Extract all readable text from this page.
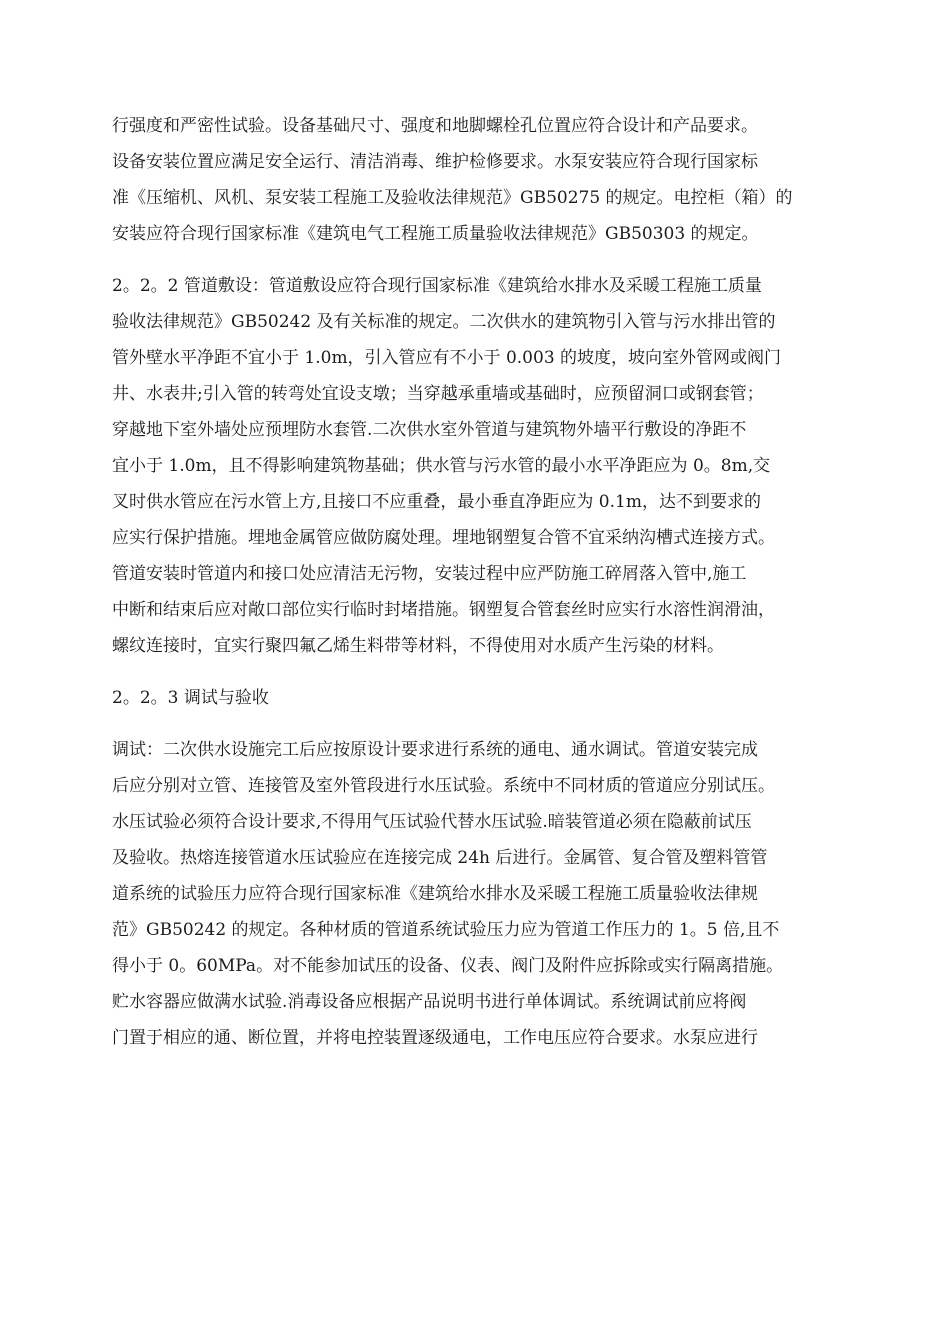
行强度和严密性试验。设备基础尺寸、强度和地脚螺栓孔位置应符合设计和产品要求。

设备安装位置应满足安全运行、清洁消毒、维护检修要求。水泵安装应符合现行国家标

准《压缩机、风机、泵安装工程施工及验收法律规范》GB50275 的规定。电控柜（箱）的

安装应符合现行国家标准《建筑电气工程施工质量验收法律规范》GB50303 的规定。

2。2。2 管道敷设：管道敷设应符合现行国家标准《建筑给水排水及采暖工程施工质量

验收法律规范》GB50242 及有关标准的规定。二次供水的建筑物引入管与污水排出管的

管外壁水平净距不宜小于 1.0m，引入管应有不小于 0.003 的坡度，坡向室外管网或阀门

井、水表井;引入管的转弯处宜设支墩；当穿越承重墙或基础时，应预留洞口或钢套管；

穿越地下室外墙处应预埋防水套管.二次供水室外管道与建筑物外墙平行敷设的净距不

宜小于 1.0m，且不得影响建筑物基础；供水管与污水管的最小水平净距应为 0。8m,交

叉时供水管应在污水管上方,且接口不应重叠，最小垂直净距应为 0.1m，达不到要求的

应实行保护措施。埋地金属管应做防腐处理。埋地钢塑复合管不宜采纳沟槽式连接方式。

管道安装时管道内和接口处应清洁无污物，安装过程中应严防施工碎屑落入管中,施工

中断和结束后应对敞口部位实行临时封堵措施。钢塑复合管套丝时应实行水溶性润滑油，

螺纹连接时，宜实行聚四氟乙烯生料带等材料，不得使用对水质产生污染的材料。

2。2。3 调试与验收

调试：二次供水设施完工后应按原设计要求进行系统的通电、通水调试。管道安装完成

后应分别对立管、连接管及室外管段进行水压试验。系统中不同材质的管道应分别试压。

水压试验必须符合设计要求,不得用气压试验代替水压试验.暗装管道必须在隐蔽前试压

及验收。热熔连接管道水压试验应在连接完成 24h 后进行。金属管、复合管及塑料管管

道系统的试验压力应符合现行国家标准《建筑给水排水及采暖工程施工质量验收法律规

范》GB50242 的规定。各种材质的管道系统试验压力应为管道工作压力的 1。5 倍,且不

得小于 0。60MPa。对不能参加试压的设备、仪表、阀门及附件应拆除或实行隔离措施。

贮水容器应做满水试验.消毒设备应根据产品说明书进行单体调试。系统调试前应将阀

门置于相应的通、断位置，并将电控装置逐级通电，工作电压应符合要求。水泵应进行
